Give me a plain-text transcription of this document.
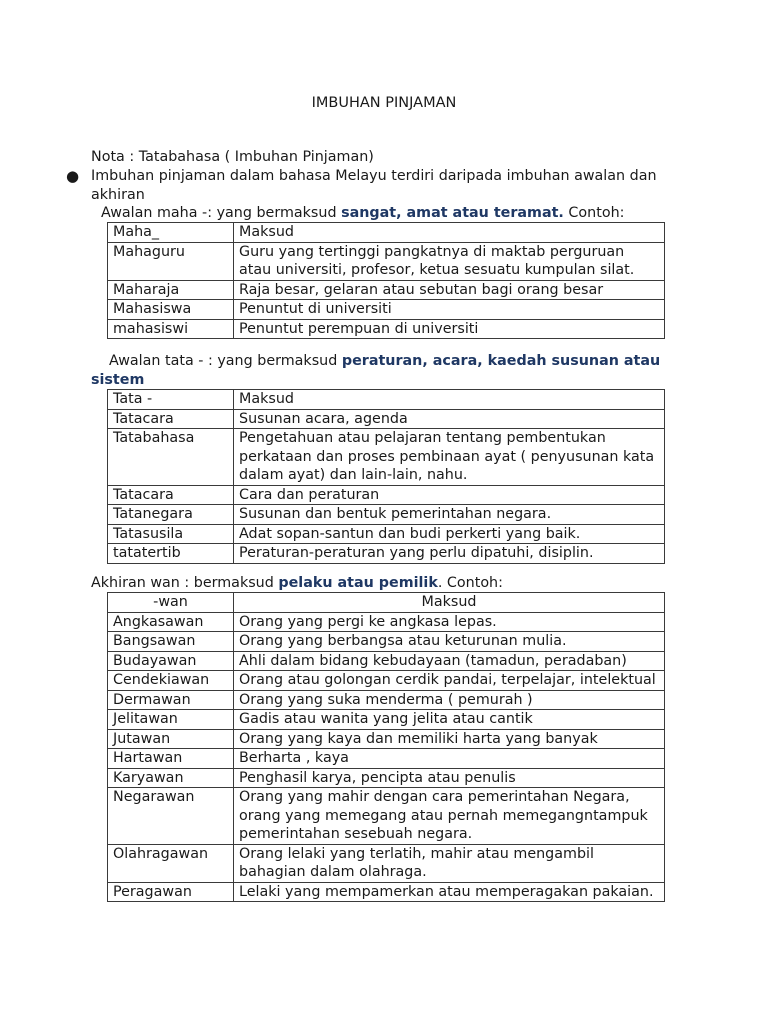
IMBUHAN PINJAMAN
Nota : Tatabahasa ( Imbuhan Pinjaman)
● Imbuhan pinjaman dalam bahasa Melayu terdiri daripada imbuhan awalan dan akhiran
Awalan maha -: yang bermaksud sangat, amat atau teramat. Contoh:
Maha_	Maksud
Mahaguru	Guru yang tertinggi pangkatnya di maktab perguruan atau universiti, profesor, ketua sesuatu kumpulan silat.
Maharaja	Raja besar, gelaran atau sebutan bagi orang besar
Mahasiswa	Penuntut di universiti
mahasiswi	Penuntut perempuan di universiti
Awalan tata - : yang bermaksud peraturan, acara, kaedah susunan atau sistem
Tata -	Maksud
Tatacara	Susunan acara, agenda
Tatabahasa	Pengetahuan atau pelajaran tentang pembentukan perkataan dan proses pembinaan ayat ( penyusunan kata dalam ayat) dan lain-lain, nahu.
Tatacara	Cara dan peraturan
Tatanegara	Susunan dan bentuk pemerintahan negara.
Tatasusila	Adat sopan-santun dan budi perkerti yang baik.
tatatertib	Peraturan-peraturan yang perlu dipatuhi, disiplin.
Akhiran wan : bermaksud pelaku atau pemilik. Contoh:
-wan	Maksud
Angkasawan	Orang yang pergi ke angkasa lepas.
Bangsawan	Orang yang berbangsa atau keturunan mulia.
Budayawan	Ahli dalam bidang kebudayaan (tamadun, peradaban)
Cendekiawan	Orang atau golongan cerdik pandai, terpelajar, intelektual
Dermawan	Orang yang suka menderma ( pemurah )
Jelitawan	Gadis atau wanita yang jelita atau cantik
Jutawan	Orang yang kaya dan memiliki harta yang banyak
Hartawan	Berharta , kaya
Karyawan	Penghasil karya, pencipta atau penulis
Negarawan	Orang yang mahir dengan cara pemerintahan Negara, orang yang memegang atau pernah memegangntampuk pemerintahan sesebuah negara.
Olahragawan	Orang lelaki yang terlatih, mahir atau mengambil bahagian dalam olahraga.
Peragawan	Lelaki yang mempamerkan atau memperagakan pakaian.
